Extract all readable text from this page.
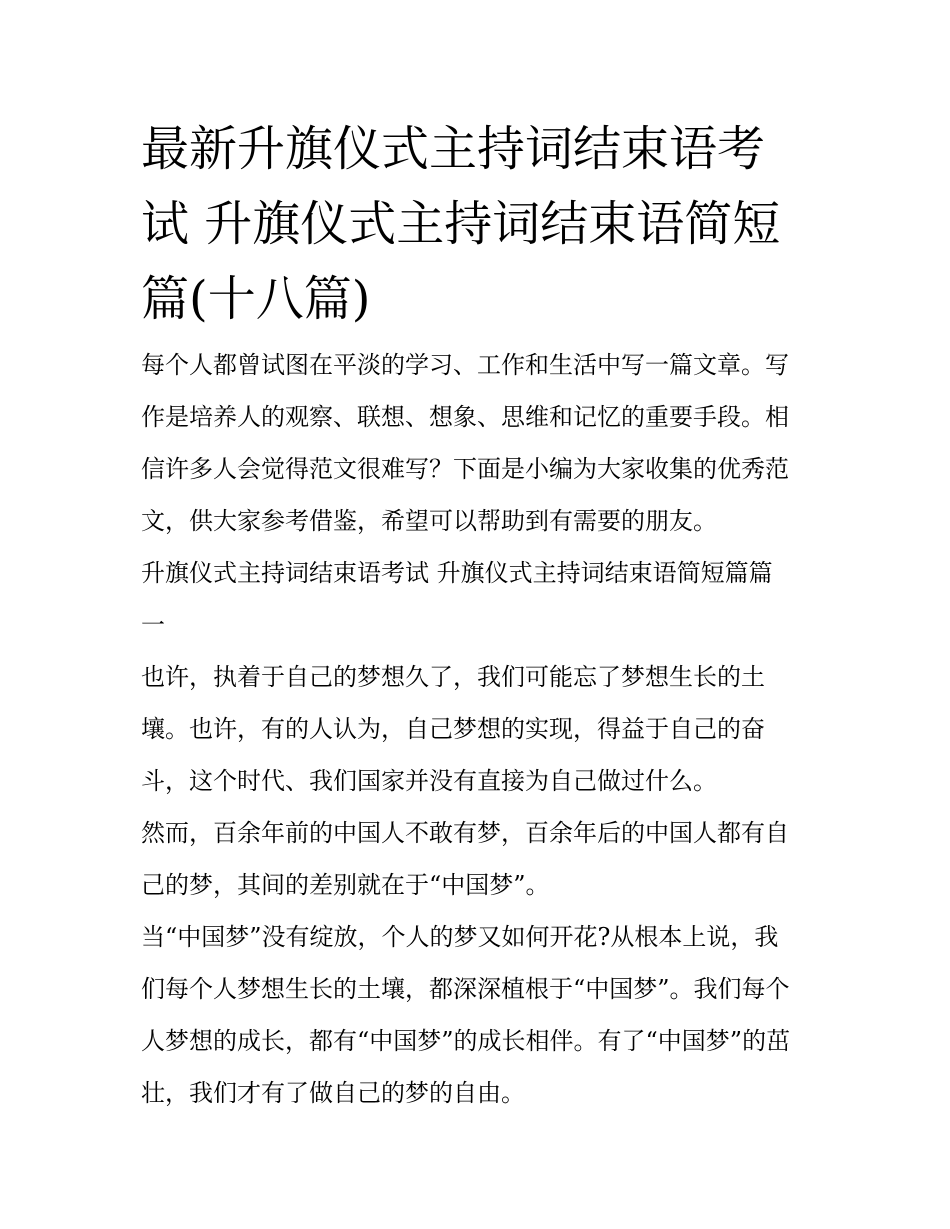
最新升旗仪式主持词结束语考
试 升旗仪式主持词结束语简短
篇(十八篇)

每个人都曾试图在平淡的学习、工作和生活中写一篇文章。写
作是培养人的观察、联想、想象、思维和记忆的重要手段。相
信许多人会觉得范文很难写？下面是小编为大家收集的优秀范
文，供大家参考借鉴，希望可以帮助到有需要的朋友。

升旗仪式主持词结束语考试 升旗仪式主持词结束语简短篇篇
一

也许，执着于自己的梦想久了，我们可能忘了梦想生长的土
壤。也许，有的人认为，自己梦想的实现，得益于自己的奋
斗，这个时代、我们国家并没有直接为自己做过什么。

然而，百余年前的中国人不敢有梦，百余年后的中国人都有自
己的梦，其间的差别就在于“中国梦”。

当“中国梦”没有绽放，个人的梦又如何开花?从根本上说，我
们每个人梦想生长的土壤，都深深植根于“中国梦”。我们每个
人梦想的成长，都有“中国梦”的成长相伴。有了“中国梦”的茁
壮，我们才有了做自己的梦的自由。
